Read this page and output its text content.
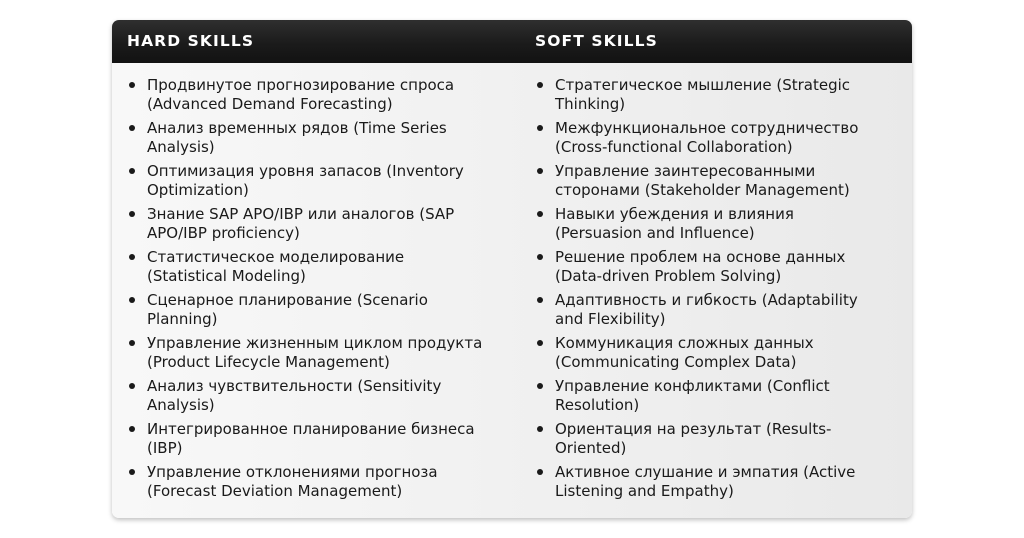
HARD SKILLS	SOFT SKILLS
Продвинутое прогнозирование спроса
(Advanced Demand Forecasting)
Анализ временных рядов (Time Series
Analysis)
Оптимизация уровня запасов (Inventory
Optimization)
Знание SAP APO/IBP или аналогов (SAP
APO/IBP proficiency)
Статистическое моделирование
(Statistical Modeling)
Сценарное планирование (Scenario
Planning)
Управление жизненным циклом продукта
(Product Lifecycle Management)
Анализ чувствительности (Sensitivity
Analysis)
Интегрированное планирование бизнеса
(IBP)
Управление отклонениями прогноза
(Forecast Deviation Management)
Стратегическое мышление (Strategic
Thinking)
Межфункциональное сотрудничество
(Cross-functional Collaboration)
Управление заинтересованными
сторонами (Stakeholder Management)
Навыки убеждения и влияния
(Persuasion and Influence)
Решение проблем на основе данных
(Data-driven Problem Solving)
Адаптивность и гибкость (Adaptability
and Flexibility)
Коммуникация сложных данных
(Communicating Complex Data)
Управление конфликтами (Conflict
Resolution)
Ориентация на результат (Results-
Oriented)
Активное слушание и эмпатия (Active
Listening and Empathy)
